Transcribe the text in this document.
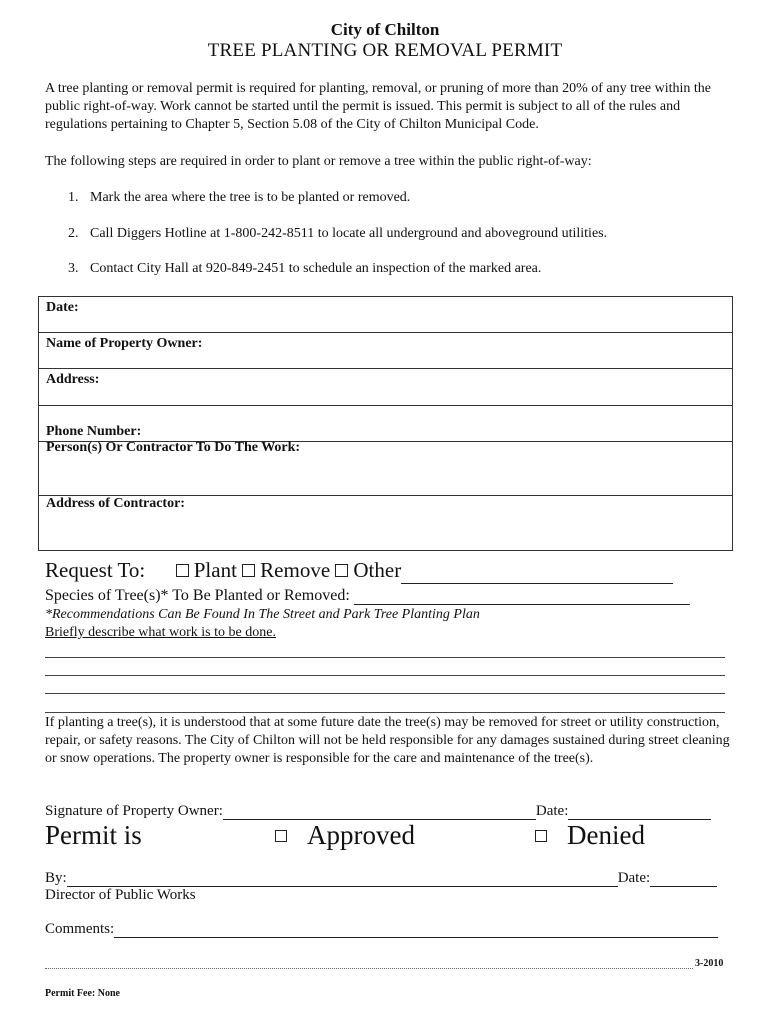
City of Chilton
TREE PLANTING OR REMOVAL PERMIT
A tree planting or removal permit is required for planting, removal, or pruning of more than 20% of any tree within the public right-of-way. Work cannot be started until the permit is issued. This permit is subject to all of the rules and regulations pertaining to Chapter 5, Section 5.08 of the City of Chilton Municipal Code.
The following steps are required in order to plant or remove a tree within the public right-of-way:
1. Mark the area where the tree is to be planted or removed.
2. Call Diggers Hotline at 1-800-242-8511 to locate all underground and aboveground utilities.
3. Contact City Hall at 920-849-2451 to schedule an inspection of the marked area.
Date:
Name of Property Owner:
Address:
Phone Number:
Person(s) Or Contractor To Do The Work:
Address of Contractor:
Request To: Plant Remove Other
Species of Tree(s)* To Be Planted or Removed:
*Recommendations Can Be Found In The Street and Park Tree Planting Plan
Briefly describe what work is to be done.
If planting a tree(s), it is understood that at some future date the tree(s) may be removed for street or utility construction, repair, or safety reasons. The City of Chilton will not be held responsible for any damages sustained during street cleaning or snow operations. The property owner is responsible for the care and maintenance of the tree(s).
Signature of Property Owner:	Date:
Permit is	Approved	Denied
By:	Date:
Director of Public Works
Comments:
3-2010
Permit Fee: None
